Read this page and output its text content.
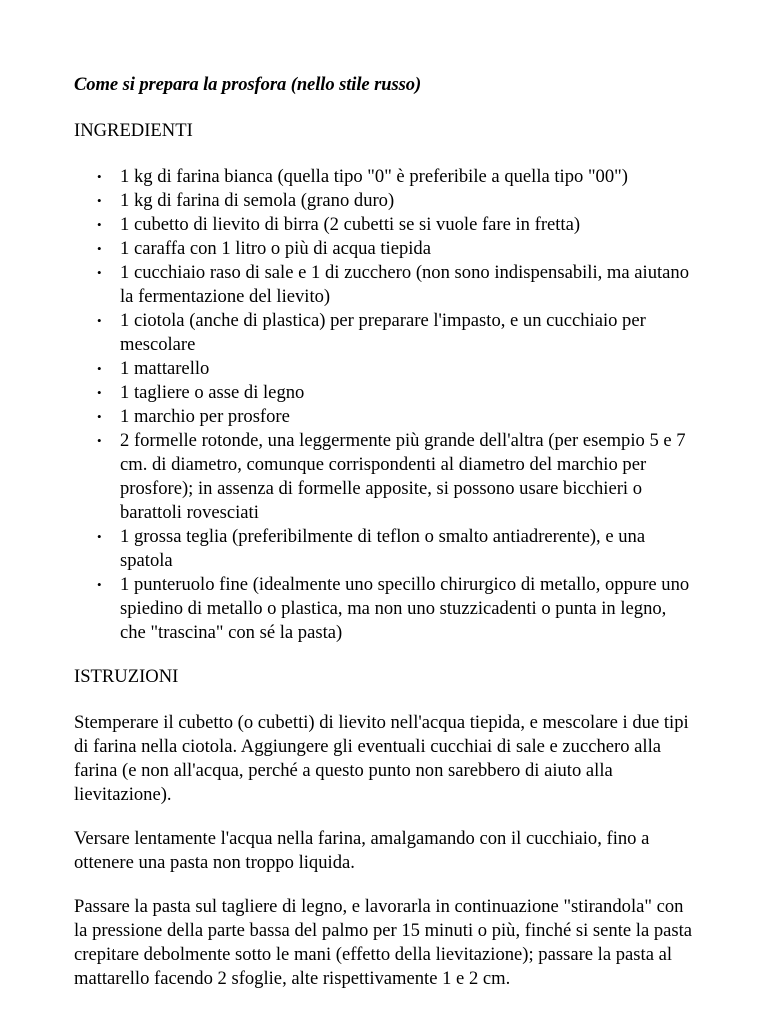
Come si prepara la prosfora (nello stile russo)
INGREDIENTI
• 1 kg di farina bianca (quella tipo "0" è preferibile a quella tipo "00")
• 1 kg di farina di semola (grano duro)
• 1 cubetto di lievito di birra (2 cubetti se si vuole fare in fretta)
• 1 caraffa con 1 litro o più di acqua tiepida
• 1 cucchiaio raso di sale e 1 di zucchero (non sono indispensabili, ma aiutano la fermentazione del lievito)
• 1 ciotola (anche di plastica) per preparare l'impasto, e un cucchiaio per mescolare
• 1 mattarello
• 1 tagliere o asse di legno
• 1 marchio per prosfore
• 2 formelle rotonde, una leggermente più grande dell'altra (per esempio 5 e 7 cm. di diametro, comunque corrispondenti al diametro del marchio per prosfore); in assenza di formelle apposite, si possono usare bicchieri o barattoli rovesciati
• 1 grossa teglia (preferibilmente di teflon o smalto antiadrerente), e una spatola
• 1 punteruolo fine (idealmente uno specillo chirurgico di metallo, oppure uno spiedino di metallo o plastica, ma non uno stuzzicadenti o punta in legno, che "trascina" con sé la pasta)
ISTRUZIONI

Stemperare il cubetto (o cubetti) di lievito nell'acqua tiepida, e mescolare i due tipi di farina nella ciotola. Aggiungere gli eventuali cucchiai di sale e zucchero alla farina (e non all'acqua, perché a questo punto non sarebbero di aiuto alla lievitazione).

Versare lentamente l'acqua nella farina, amalgamando con il cucchiaio, fino a ottenere una pasta non troppo liquida.

Passare la pasta sul tagliere di legno, e lavorarla in continuazione "stirandola" con la pressione della parte bassa del palmo per 15 minuti o più, finché si sente la pasta crepitare debolmente sotto le mani (effetto della lievitazione); passare la pasta al mattarello facendo 2 sfoglie, alte rispettivamente 1 e 2 cm.
